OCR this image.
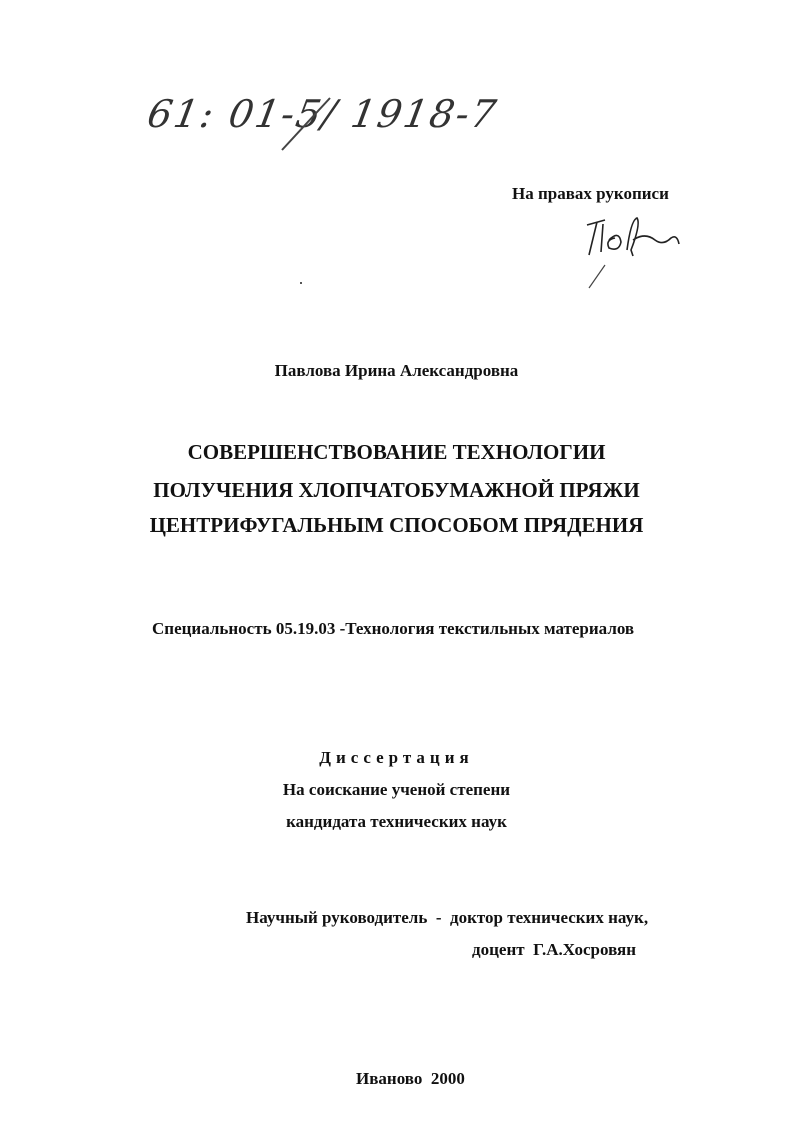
61: 01-5/ 1918-7
На правах рукописи
Павлова Ирина Александровна
СОВЕРШЕНСТВОВАНИЕ ТЕХНОЛОГИИ
ПОЛУЧЕНИЯ ХЛОПЧАТОБУМАЖНОЙ ПРЯЖИ
ЦЕНТРИФУГАЛЬНЫМ СПОСОБОМ ПРЯДЕНИЯ
Специальность 05.19.03 -Технология текстильных материалов
Диссертация
На соискание ученой степени
кандидата технических наук
Научный руководитель  -  доктор технических наук,
доцент  Г.А.Хосровян
Иваново  2000
